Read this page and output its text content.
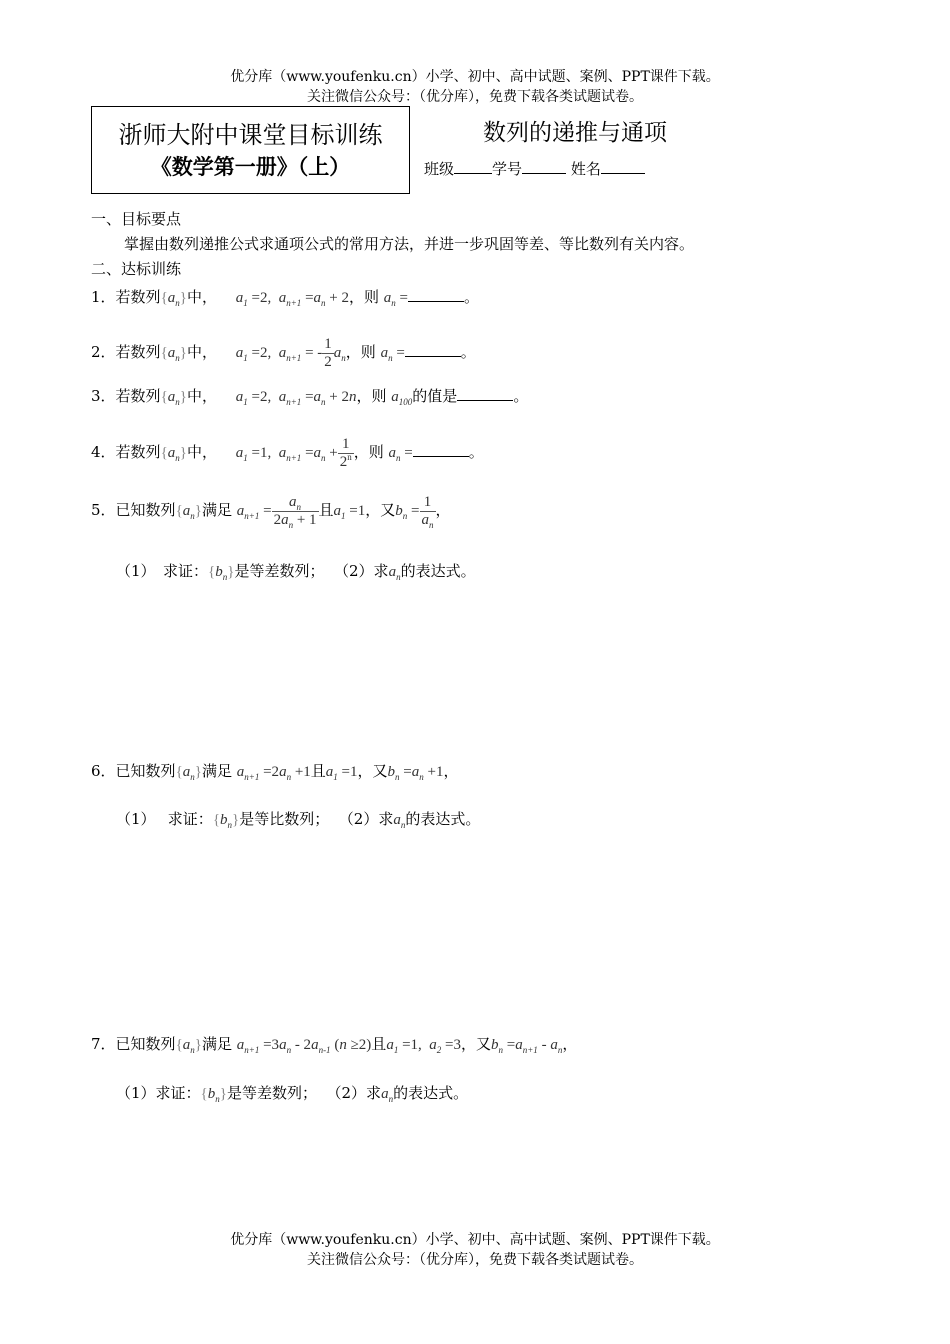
优分库（www.youfenku.cn）小学、初中、高中试题、案例、PPT课件下载。
关注微信公众号：（优分库），免费下载各类试题试卷。
浙师大附中课堂目标训练
《数学第一册》（上）
数列的递推与通项
班级	学号	姓名
一、目标要点
掌握由数列递推公式求通项公式的常用方法，并进一步巩固等差、等比数列有关内容。
二、达标训练
1．若数列$\{a_n\}$中， $a_1 =2$,  $a_{n+1} =a_n + 2$，则 $a_n$ =	。
2．若数列$\{a_n\}$中， $a_1 =2$,  $a_{n+1}$ = - $\frac{1}{2} a_n$，则 $a_n$ =	。
3．若数列$\{a_n\}$中， $a_1 =2$,  $a_{n+1} =a_n + 2n$，则 $a_{100}$的值是	。
4．若数列$\{a_n\}$中， $a_1 =1$,  $a_{n+1} =a_n + \frac{1}{2^n}$ ，则 $a_n$ =	。
5．已知数列$\{a_n\}$满足 $a_{n+1} = \frac{a_n}{2a_n + 1}$ 且$a_1 =1$，又$b_n = \frac{1}{a_n}$ ，
（1）　求证：$\{b_n\}$是等差数列； （2）求$a_n$的表达式。
6．已知数列$\{a_n\}$满足 $a_{n+1} =2a_n +1$且$a_1 =1$，又$b_n =a_n +1$，
（1）　 求证：$\{b_n\}$是等比数列； （2）求$a_n$的表达式。
7．已知数列$\{a_n\}$满足 $a_{n+1} =3a_n - 2a_{n-1}$ (n ≥2)且$a_1 =1$,  $a_2 =3$，又$b_n =a_{n+1} - a_n$，
（1）求证：$\{b_n\}$是等差数列； （2）求$a_n$的表达式。
优分库（www.youfenku.cn）小学、初中、高中试题、案例、PPT课件下载。
关注微信公众号：（优分库），免费下载各类试题试卷。
